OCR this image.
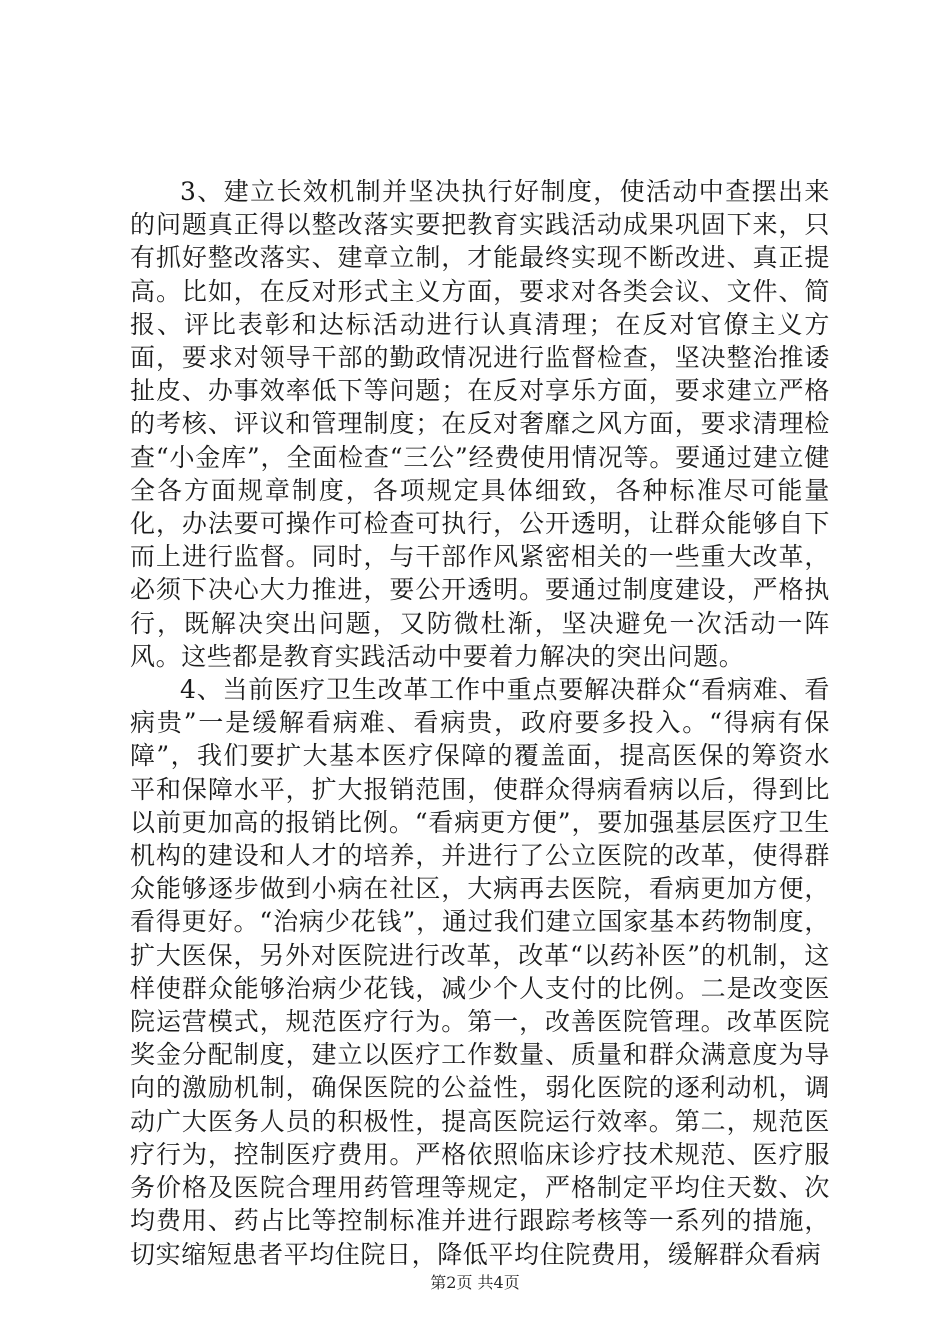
3、建立长效机制并坚决执行好制度，使活动中查摆出来的问题真正得以整改落实要把教育实践活动成果巩固下来，只有抓好整改落实、建章立制，才能最终实现不断改进、真正提高。比如，在反对形式主义方面，要求对各类会议、文件、简报、评比表彰和达标活动进行认真清理；在反对官僚主义方面，要求对领导干部的勤政情况进行监督检查，坚决整治推诿扯皮、办事效率低下等问题；在反对享乐方面，要求建立严格的考核、评议和管理制度；在反对奢靡之风方面，要求清理检查“小金库”，全面检查“三公”经费使用情况等。要通过建立健全各方面规章制度，各项规定具体细致，各种标准尽可能量化，办法要可操作可检查可执行，公开透明，让群众能够自下而上进行监督。同时，与干部作风紧密相关的一些重大改革，必须下决心大力推进，要公开透明。要通过制度建设，严格执行，既解决突出问题，又防微杜渐，坚决避免一次活动一阵风。这些都是教育实践活动中要着力解决的突出问题。

4、当前医疗卫生改革工作中重点要解决群众“看病难、看病贵”一是缓解看病难、看病贵，政府要多投入。“得病有保障”，我们要扩大基本医疗保障的覆盖面，提高医保的筹资水平和保障水平，扩大报销范围，使群众得病看病以后，得到比以前更加高的报销比例。“看病更方便”，要加强基层医疗卫生机构的建设和人才的培养，并进行了公立医院的改革，使得群众能够逐步做到小病在社区，大病再去医院，看病更加方便，看得更好。“治病少花钱”，通过我们建立国家基本药物制度，扩大医保，另外对医院进行改革，改革“以药补医”的机制，这样使群众能够治病少花钱，减少个人支付的比例。二是改变医院运营模式，规范医疗行为。第一，改善医院管理。改革医院奖金分配制度，建立以医疗工作数量、质量和群众满意度为导向的激励机制，确保医院的公益性，弱化医院的逐利动机，调动广大医务人员的积极性，提高医院运行效率。第二，规范医疗行为，控制医疗费用。严格依照临床诊疗技术规范、医疗服务价格及医院合理用药管理等规定，严格制定平均住天数、次均费用、药占比等控制标准并进行跟踪考核等一系列的措施，切实缩短患者平均住院日，降低平均住院费用，缓解群众看病

第2页 共4页
